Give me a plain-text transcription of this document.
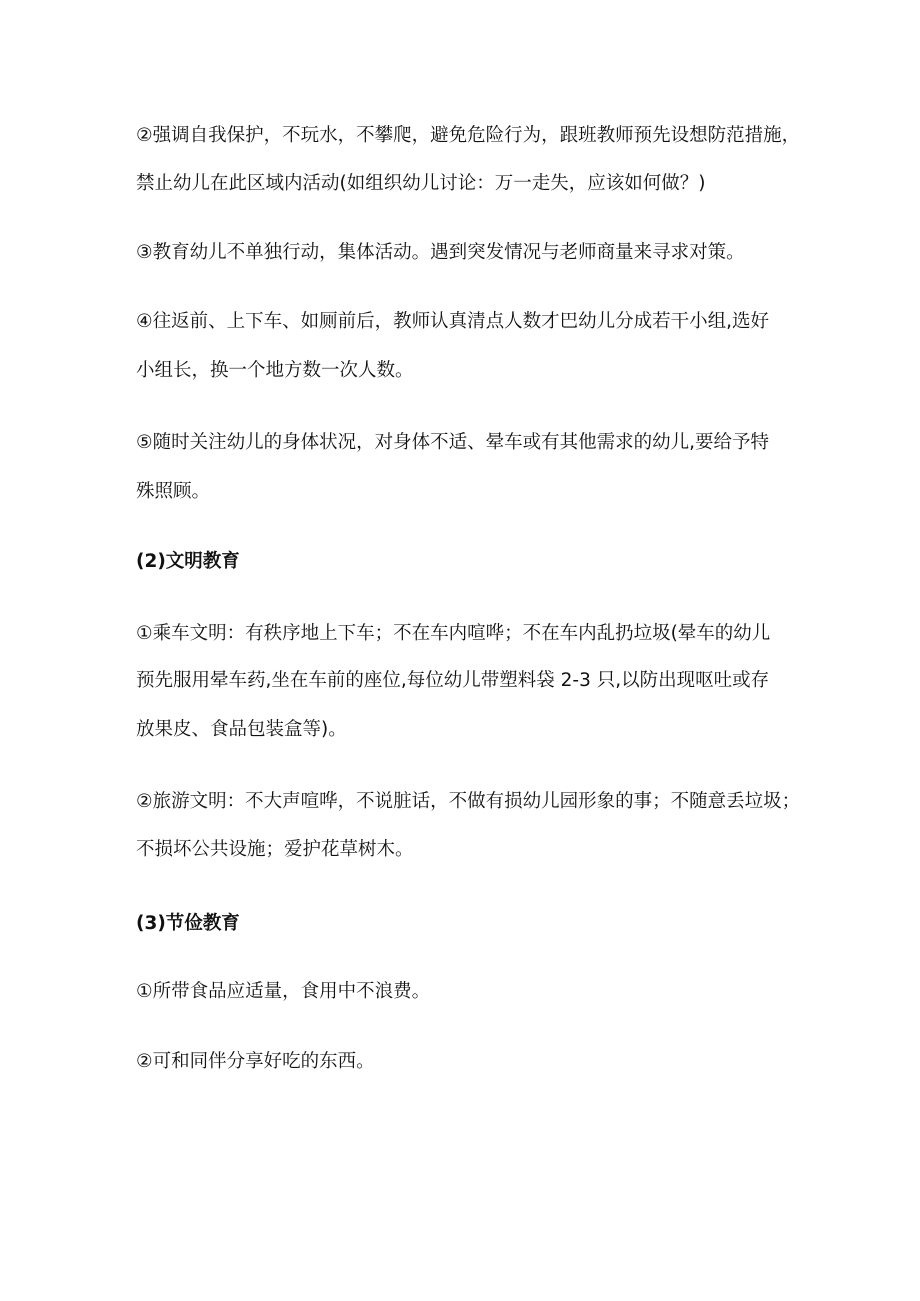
②强调自我保护，不玩水，不攀爬，避免危险行为，跟班教师预先设想防范措施，
禁止幼儿在此区域内活动(如组织幼儿讨论：万一走失，应该如何做？)
③教育幼儿不单独行动，集体活动。遇到突发情况与老师商量来寻求对策。
④往返前、上下车、如厕前后，教师认真清点人数才巴幼儿分成若干小组,选好
小组长，换一个地方数一次人数。
⑤随时关注幼儿的身体状况，对身体不适、晕车或有其他需求的幼儿,要给予特
殊照顾。
(2)文明教育
①乘车文明：有秩序地上下车；不在车内喧哗；不在车内乱扔垃圾(晕车的幼儿
预先服用晕车药,坐在车前的座位,每位幼儿带塑料袋 2-3 只,以防出现呕吐或存
放果皮、食品包装盒等)。
②旅游文明：不大声喧哗，不说脏话，不做有损幼儿园形象的事；不随意丢垃圾；
不损坏公共设施；爱护花草树木。
(3)节俭教育
①所带食品应适量，食用中不浪费。
②可和同伴分享好吃的东西。
